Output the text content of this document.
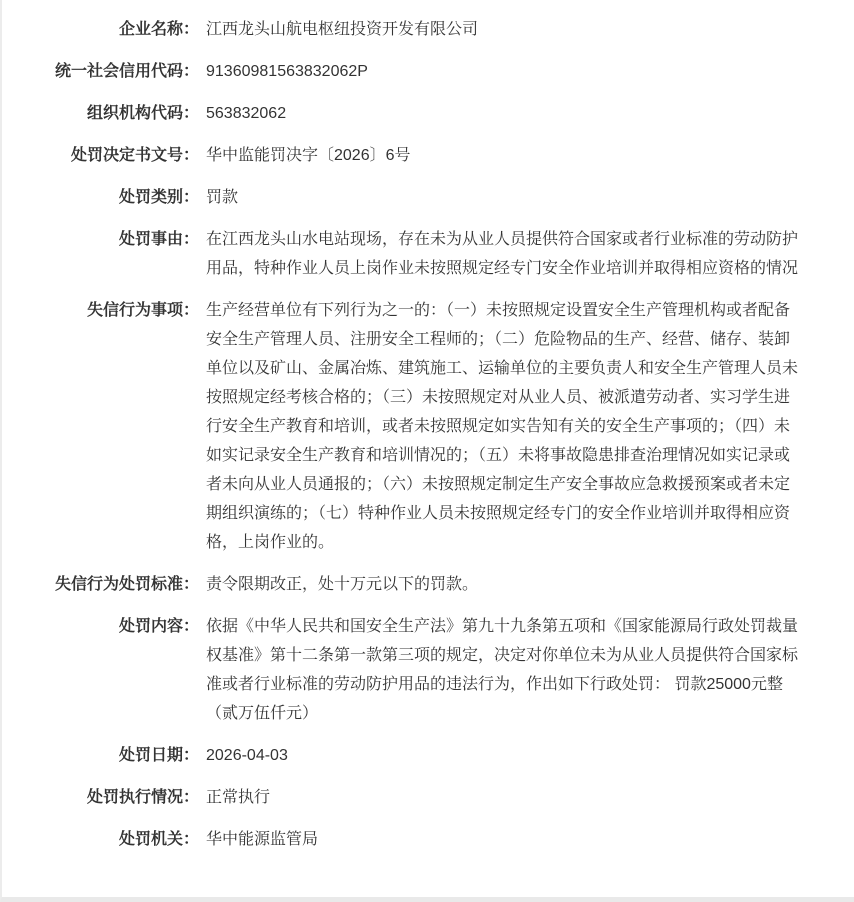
企业名称： 江西龙头山航电枢纽投资开发有限公司
统一社会信用代码： 91360981563832062P
组织机构代码： 563832062
处罚决定书文号： 华中监能罚决字〔2026〕6号
处罚类别： 罚款
处罚事由： 在江西龙头山水电站现场，存在未为从业人员提供符合国家或者行业标准的劳动防护用品，特种作业人员上岗作业未按照规定经专门安全作业培训并取得相应资格的情况
失信行为事项： 生产经营单位有下列行为之一的：（一）未按照规定设置安全生产管理机构或者配备安全生产管理人员、注册安全工程师的；（二）危险物品的生产、经营、储存、装卸单位以及矿山、金属冶炼、建筑施工、运输单位的主要负责人和安全生产管理人员未按照规定经考核合格的；（三）未按照规定对从业人员、被派遣劳动者、实习学生进行安全生产教育和培训，或者未按照规定如实告知有关的安全生产事项的；（四）未如实记录安全生产教育和培训情况的；（五）未将事故隐患排查治理情况如实记录或者未向从业人员通报的；（六）未按照规定制定生产安全事故应急救援预案或者未定期组织演练的；（七）特种作业人员未按照规定经专门的安全作业培训并取得相应资格，上岗作业的。
失信行为处罚标准： 责令限期改正，处十万元以下的罚款。
处罚内容： 依据《中华人民共和国安全生产法》第九十九条第五项和《国家能源局行政处罚裁量权基准》第十二条第一款第三项的规定，决定对你单位未为从业人员提供符合国家标准或者行业标准的劳动防护用品的违法行为，作出如下行政处罚： 罚款25000元整 （贰万伍仟元）
处罚日期： 2026-04-03
处罚执行情况： 正常执行
处罚机关： 华中能源监管局
